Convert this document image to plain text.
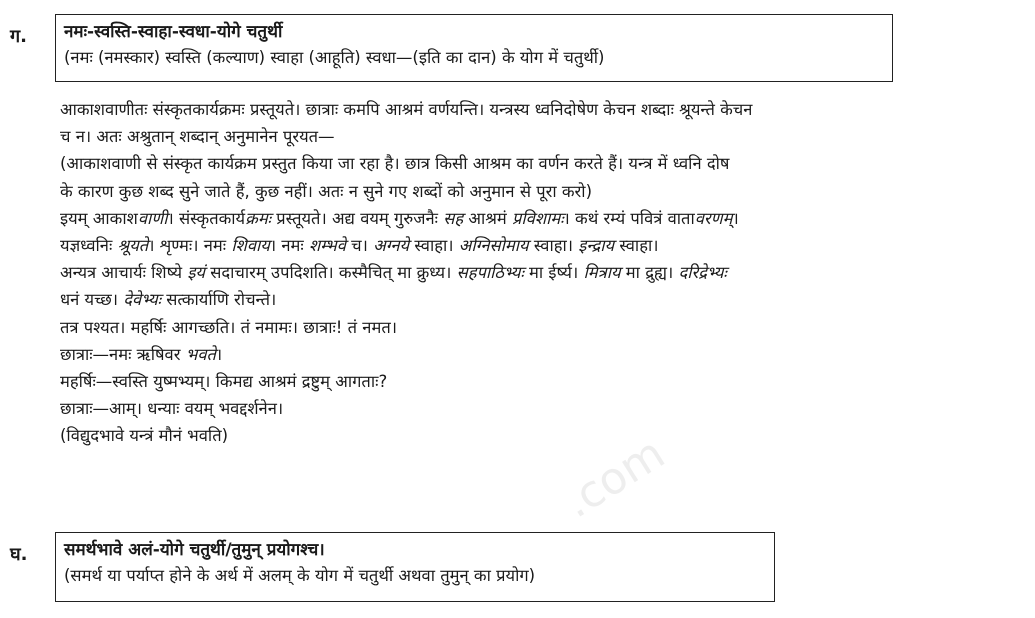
ग. नमः-स्वस्ति-स्वाहा-स्वधा-योगे चतुर्थी
(नमः (नमस्कार) स्वस्ति (कल्याण) स्वाहा (आहूति) स्वधा—(इति का दान) के योग में चतुर्थी)
आकाशवाणीतः संस्कृतकार्यक्रमः प्रस्तूयते। छात्राः कमपि आश्रमं वर्णयन्ति। यन्त्रस्य ध्वनिदोषेण केचन शब्दाः श्रूयन्ते केचन
च न। अतः अश्रुतान् शब्दान् अनुमानेन पूरयत—
(आकाशवाणी से संस्कृत कार्यक्रम प्रस्तुत किया जा रहा है। छात्र किसी आश्रम का वर्णन करते हैं। यन्त्र में ध्वनि दोष
के कारण कुछ शब्द सुने जाते हैं, कुछ नहीं। अतः न सुने गए शब्दों को अनुमान से पूरा करो)
इयम् आकाशवाणी। संस्कृतकार्यक्रमः प्रस्तूयते। अद्य वयम् गुरुजनैः सह आश्रमं प्रविशामः। कथं रम्यं पवित्रं वातावरणम्।
यज्ञध्वनिः श्रूयते। शृण्मः। नमः शिवाय। नमः शम्भवे च। अग्नये स्वाहा। अग्निसोमाय स्वाहा। इन्द्राय स्वाहा।
अन्यत्र आचार्यः शिष्ये इयं सदाचारम् उपदिशति। कस्मैचित् मा क्रुध्य। सहपाठिभ्यः मा ईर्ष्य। मित्राय मा द्रुह्य। दरिद्रेभ्यः
धनं यच्छ। देवेभ्यः सत्कार्याणि रोचन्ते।
तत्र पश्यत। महर्षिः आगच्छति। तं नमामः। छात्राः! तं नमत।
छात्राः—नमः ऋषिवर भवते।
महर्षिः—स्वस्ति युष्मभ्यम्। किमद्य आश्रमं द्रष्टुम् आगताः?
छात्राः—आम्। धन्याः वयम् भवद्दर्शनेन।
(विद्युदभावे यन्त्रं मौनं भवति)
घ. समर्थभावे अलं-योगे चतुर्थी/तुमुन् प्रयोगश्च।
(समर्थ या पर्याप्त होने के अर्थ में अलम् के योग में चतुर्थी अथवा तुमुन् का प्रयोग)
.com
